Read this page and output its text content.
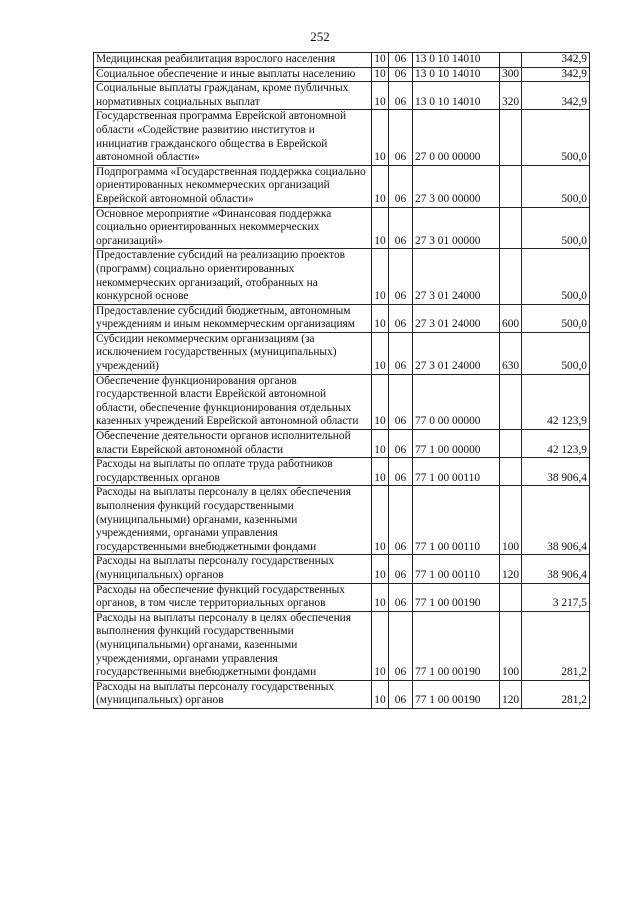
252
Медицинская реабилитация взрослого населения	10	06	13 0 10 14010		342,9
Социальное обеспечение и иные выплаты населению	10	06	13 0 10 14010	300	342,9
Социальные выплаты гражданам, кроме публичных нормативных социальных выплат	10	06	13 0 10 14010	320	342,9
Государственная программа Еврейской автономной области «Содействие развитию институтов и инициатив гражданского общества в Еврейской автономной области»	10	06	27 0 00 00000		500,0
Подпрограмма «Государственная поддержка социально ориентированных некоммерческих организаций Еврейской автономной области»	10	06	27 3 00 00000		500,0
Основное мероприятие «Финансовая поддержка социально ориентированных некоммерческих организаций»	10	06	27 3 01 00000		500,0
Предоставление субсидий на реализацию проектов (программ) социально ориентированных некоммерческих организаций, отобранных на конкурсной основе	10	06	27 3 01 24000		500,0
Предоставление субсидий бюджетным, автономным учреждениям и иным некоммерческим организациям	10	06	27 3 01 24000	600	500,0
Субсидии некоммерческим организациям (за исключением государственных (муниципальных) учреждений)	10	06	27 3 01 24000	630	500,0
Обеспечение функционирования органов государственной власти Еврейской автономной области, обеспечение функционирования отдельных казенных учреждений Еврейской автономной области	10	06	77 0 00 00000		42 123,9
Обеспечение деятельности органов исполнительной власти Еврейской автономной области	10	06	77 1 00 00000		42 123,9
Расходы на выплаты по оплате труда работников государственных органов	10	06	77 1 00 00110		38 906,4
Расходы на выплаты персоналу в целях обеспечения выполнения функций государственными (муниципальными) органами, казенными учреждениями, органами управления государственными внебюджетными фондами	10	06	77 1 00 00110	100	38 906,4
Расходы на выплаты персоналу государственных (муниципальных) органов	10	06	77 1 00 00110	120	38 906,4
Расходы на обеспечение функций государственных органов, в том числе территориальных органов	10	06	77 1 00 00190		3 217,5
Расходы на выплаты персоналу в целях обеспечения выполнения функций государственными (муниципальными) органами, казенными учреждениями, органами управления государственными внебюджетными фондами	10	06	77 1 00 00190	100	281,2
Расходы на выплаты персоналу государственных (муниципальных) органов	10	06	77 1 00 00190	120	281,2
